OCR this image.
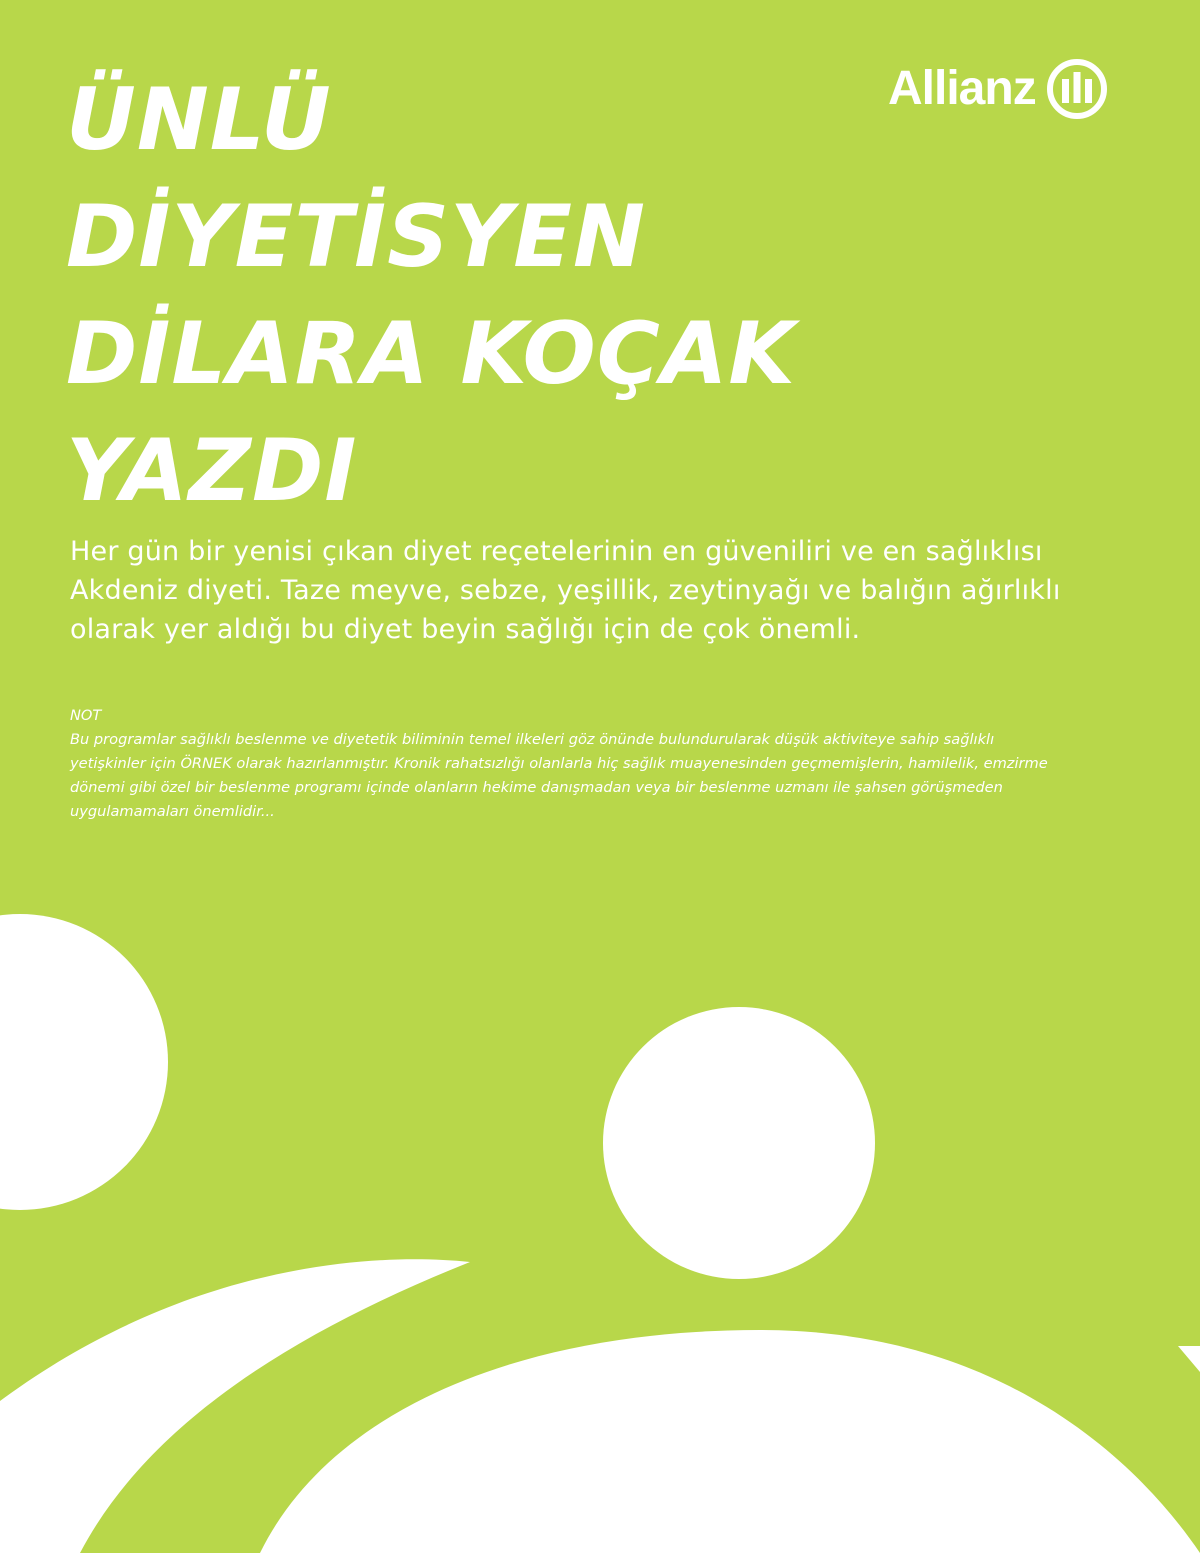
Allianz
ÜNLÜ
DİYETİSYEN
DİLARA KOÇAK
YAZDI

Her gün bir yenisi çıkan diyet reçetelerinin en güveniliri ve en sağlıklısı Akdeniz diyeti. Taze meyve, sebze, yeşillik, zeytinyağı ve balığın ağırlıklı olarak yer aldığı bu diyet beyin sağlığı için de çok önemli.

NOT

Bu programlar sağlıklı beslenme ve diyetetik biliminin temel ilkeleri göz önünde bulundurularak düşük aktiviteye sahip sağlıklı yetişkinler için ÖRNEK olarak hazırlanmıştır. Kronik rahatsızlığı olanlarla hiç sağlık muayenesinden geçmemişlerin, hamilelik, emzirme dönemi gibi özel bir beslenme programı içinde olanların hekime danışmadan veya bir beslenme uzmanı ile şahsen görüşmeden uygulamamaları önemlidir...
